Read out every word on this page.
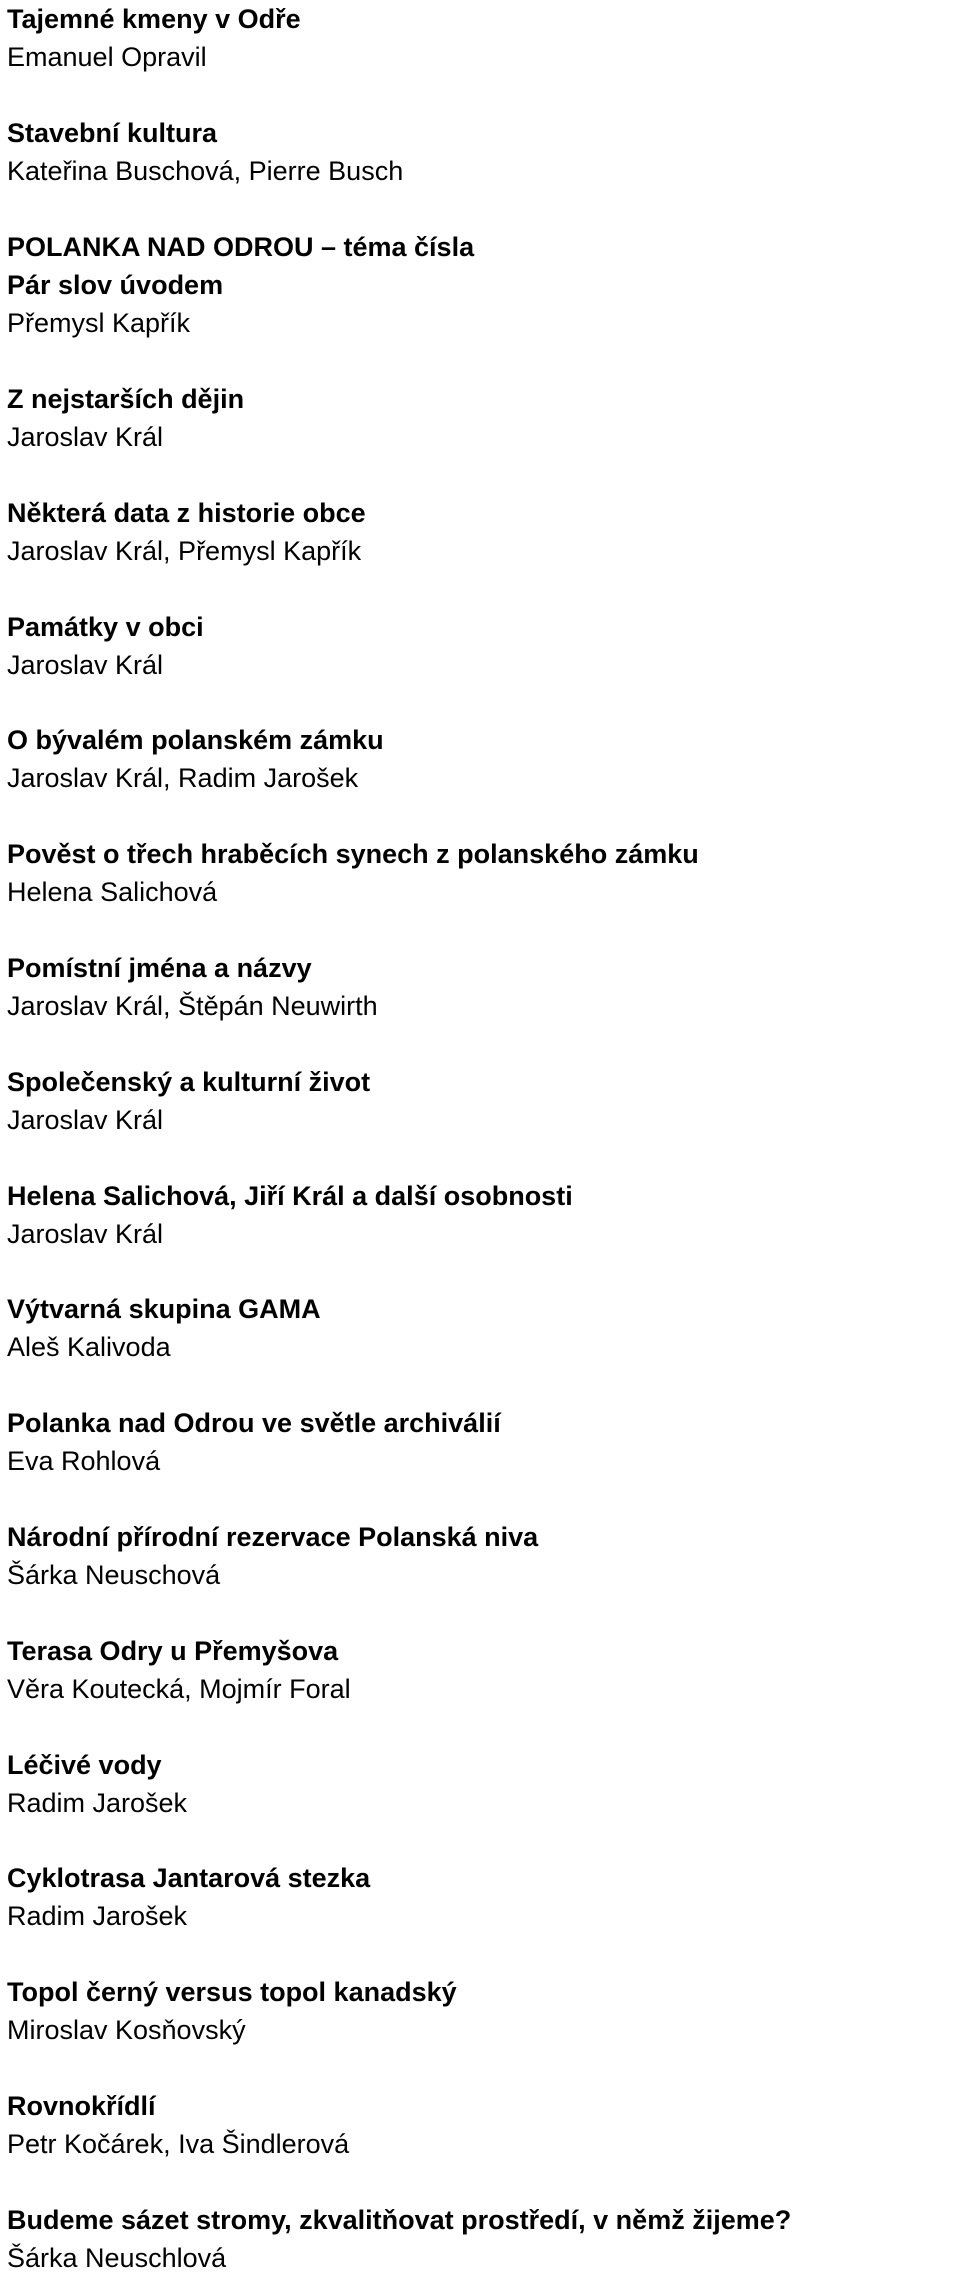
Tajemné kmeny v Odře
Emanuel Opravil
Stavební kultura
Kateřina Buschová, Pierre Busch
POLANKA NAD ODROU – téma čísla
Pár slov úvodem
Přemysl Kapřík
Z nejstarších dějin
Jaroslav Král
Některá data z historie obce
Jaroslav Král, Přemysl Kapřík
Památky v obci
Jaroslav Král
O bývalém polanském zámku
Jaroslav Král, Radim Jarošek
Pověst o třech hraběcích synech z polanského zámku
Helena Salichová
Pomístní jména a názvy
Jaroslav Král, Štěpán Neuwirth
Společenský a kulturní život
Jaroslav Král
Helena Salichová, Jiří Král a další osobnosti
Jaroslav Král
Výtvarná skupina GAMA
Aleš Kalivoda
Polanka nad Odrou ve světle archiválií
Eva Rohlová
Národní přírodní rezervace Polanská niva
Šárka Neuschová
Terasa Odry u Přemyšova
Věra Koutecká, Mojmír Foral
Léčivé vody
Radim Jarošek
Cyklotrasa Jantarová stezka
Radim Jarošek
Topol černý versus topol kanadský
Miroslav Kosňovský
Rovnokřídlí
Petr Kočárek, Iva Šindlerová
Budeme sázet stromy, zkvalitňovat prostředí, v němž žijeme?
Šárka Neuschlová
